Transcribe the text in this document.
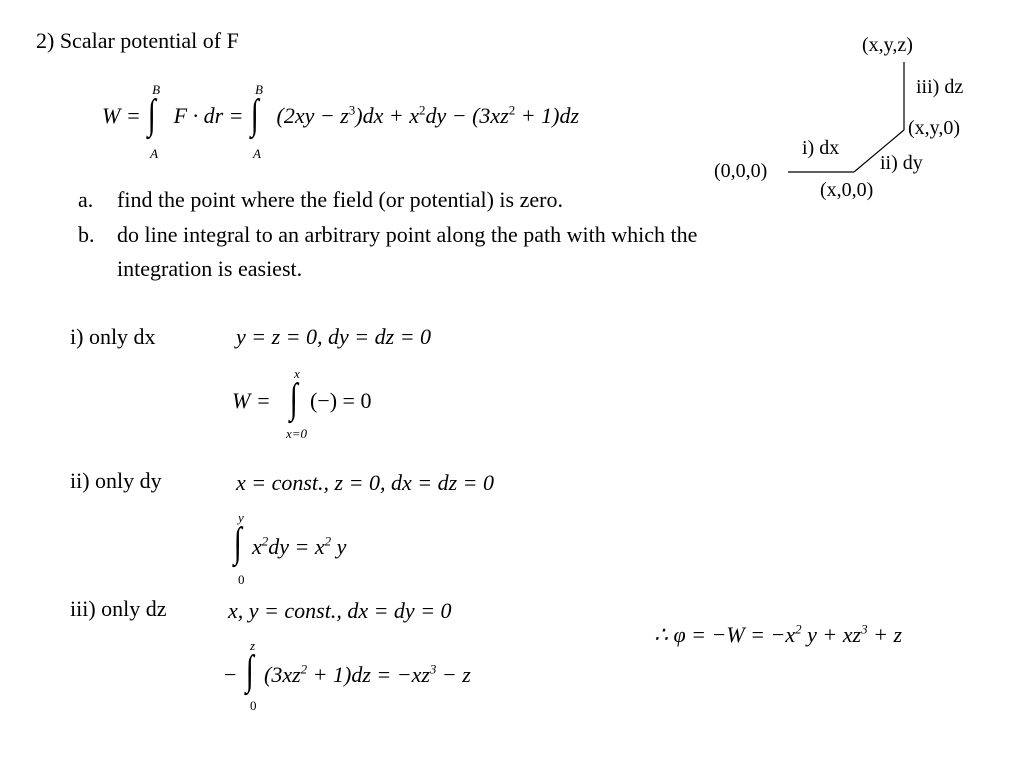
2) Scalar potential of F
W =
B
∫
A
F · dr =
B
∫
A
$(2xy - z^3)dx + x^2dy - (3xz^2 + 1)dz$
a. find the point where the field (or potential) is zero.
b. do line integral to an arbitrary point along the path with which the
integration is easiest.
(x,y,z)
iii) dz
(x,y,0)
i) dx
ii) dy
(0,0,0)
(x,0,0)
i) only dx	y = z = 0, dy = dz = 0
W =
x
∫
x=0
(−) = 0
ii) only dy	x = const., z = 0, dx = dz = 0
y
∫
0
$x^2dy = x^2$ y
iii) only dz	x, y = const., dx = dy = 0
−
z
∫
0
$(3xz^2 + 1)dz = -xz^3 - z$
∴ $\varphi = -W = -x^2$ $y + xz^3 + z$
